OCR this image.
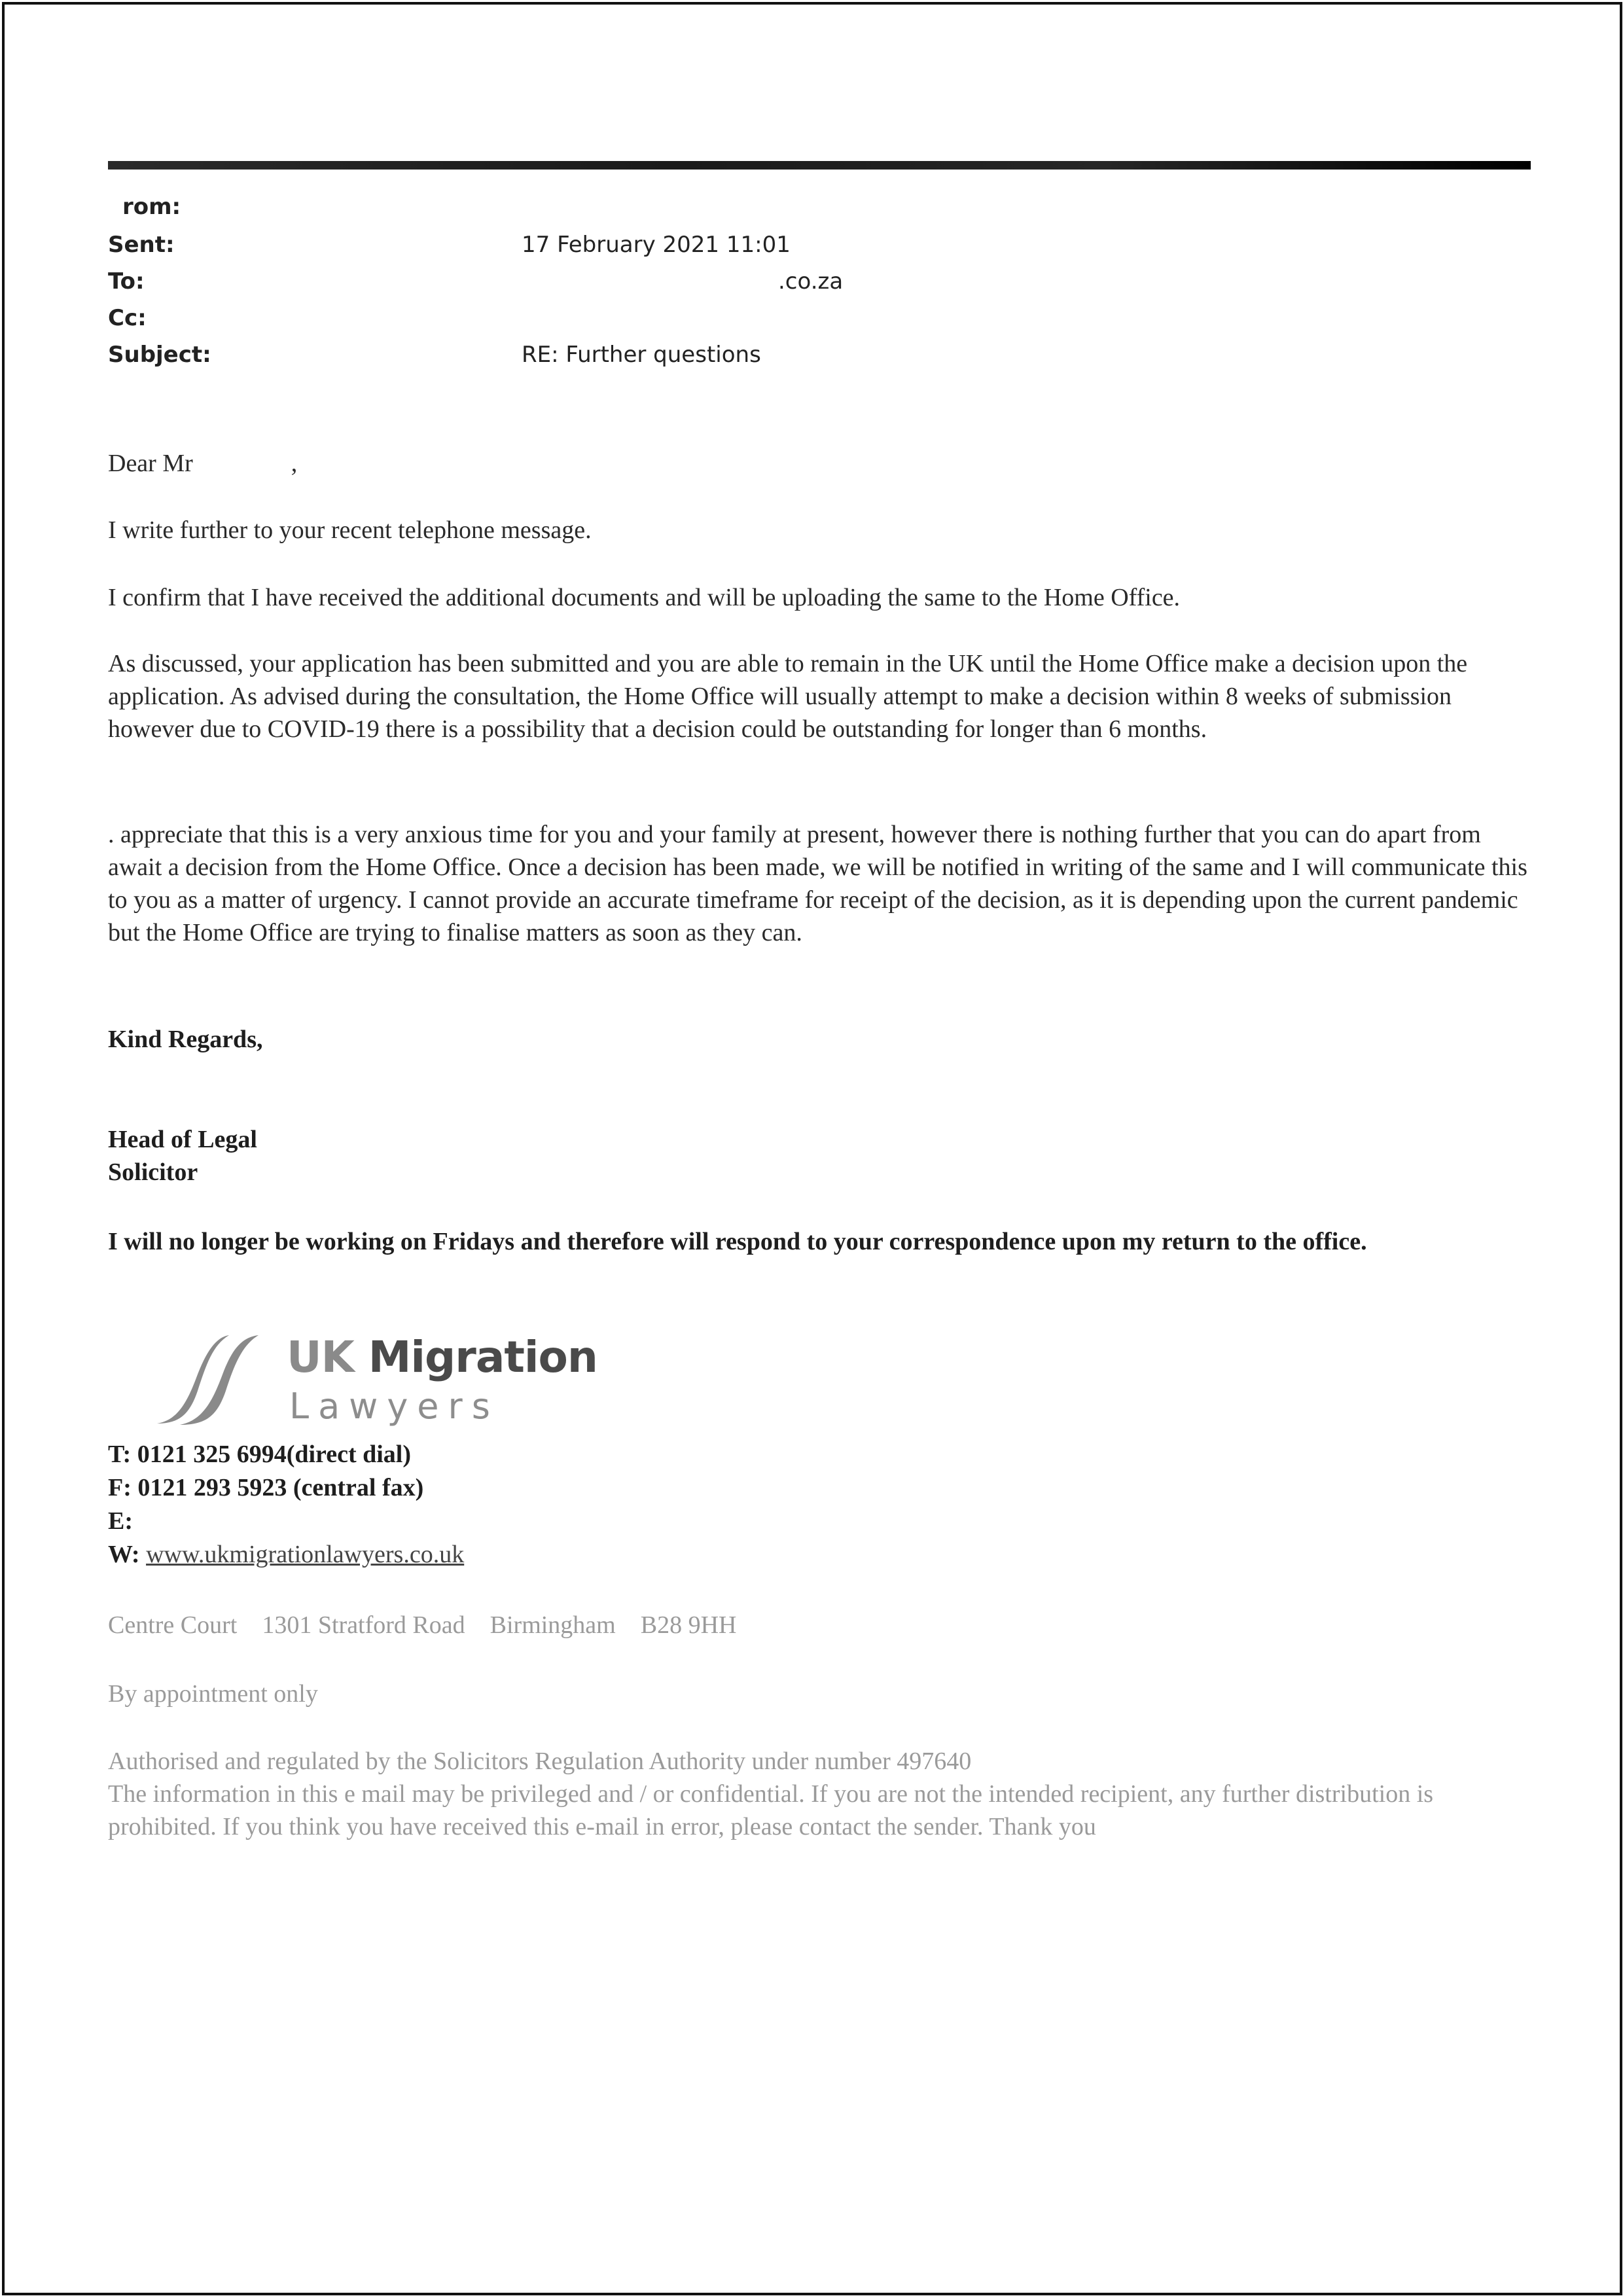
rom:
Sent:	17 February 2021 11:01
To:	.co.za
Cc:
Subject:	RE: Further questions
Dear Mr	,
I write further to your recent telephone message.
I confirm that I have received the additional documents and will be uploading the same to the Home Office.
As discussed, your application has been submitted and you are able to remain in the UK until the Home Office make a decision upon the application. As advised during the consultation, the Home Office will usually attempt to make a decision within 8 weeks of submission however due to COVID-19 there is a possibility that a decision could be outstanding for longer than 6 months.
. appreciate that this is a very anxious time for you and your family at present, however there is nothing further that you can do apart from await a decision from the Home Office. Once a decision has been made, we will be notified in writing of the same and I will communicate this to you as a matter of urgency. I cannot provide an accurate timeframe for receipt of the decision, as it is depending upon the current pandemic but the Home Office are trying to finalise matters as soon as they can.
Kind Regards,
Head of Legal
Solicitor
I will no longer be working on Fridays and therefore will respond to your correspondence upon my return to the office.
UK Migration
Lawyers
T: 0121 325 6994(direct dial)
F: 0121 293 5923 (central fax)
E:
W: www.ukmigrationlawyers.co.uk
Centre Court    1301 Stratford Road    Birmingham    B28 9HH
By appointment only
Authorised and regulated by the Solicitors Regulation Authority under number 497640
The information in this e mail may be privileged and / or confidential. If you are not the intended recipient, any further distribution is prohibited. If you think you have received this e-mail in error, please contact the sender. Thank you
